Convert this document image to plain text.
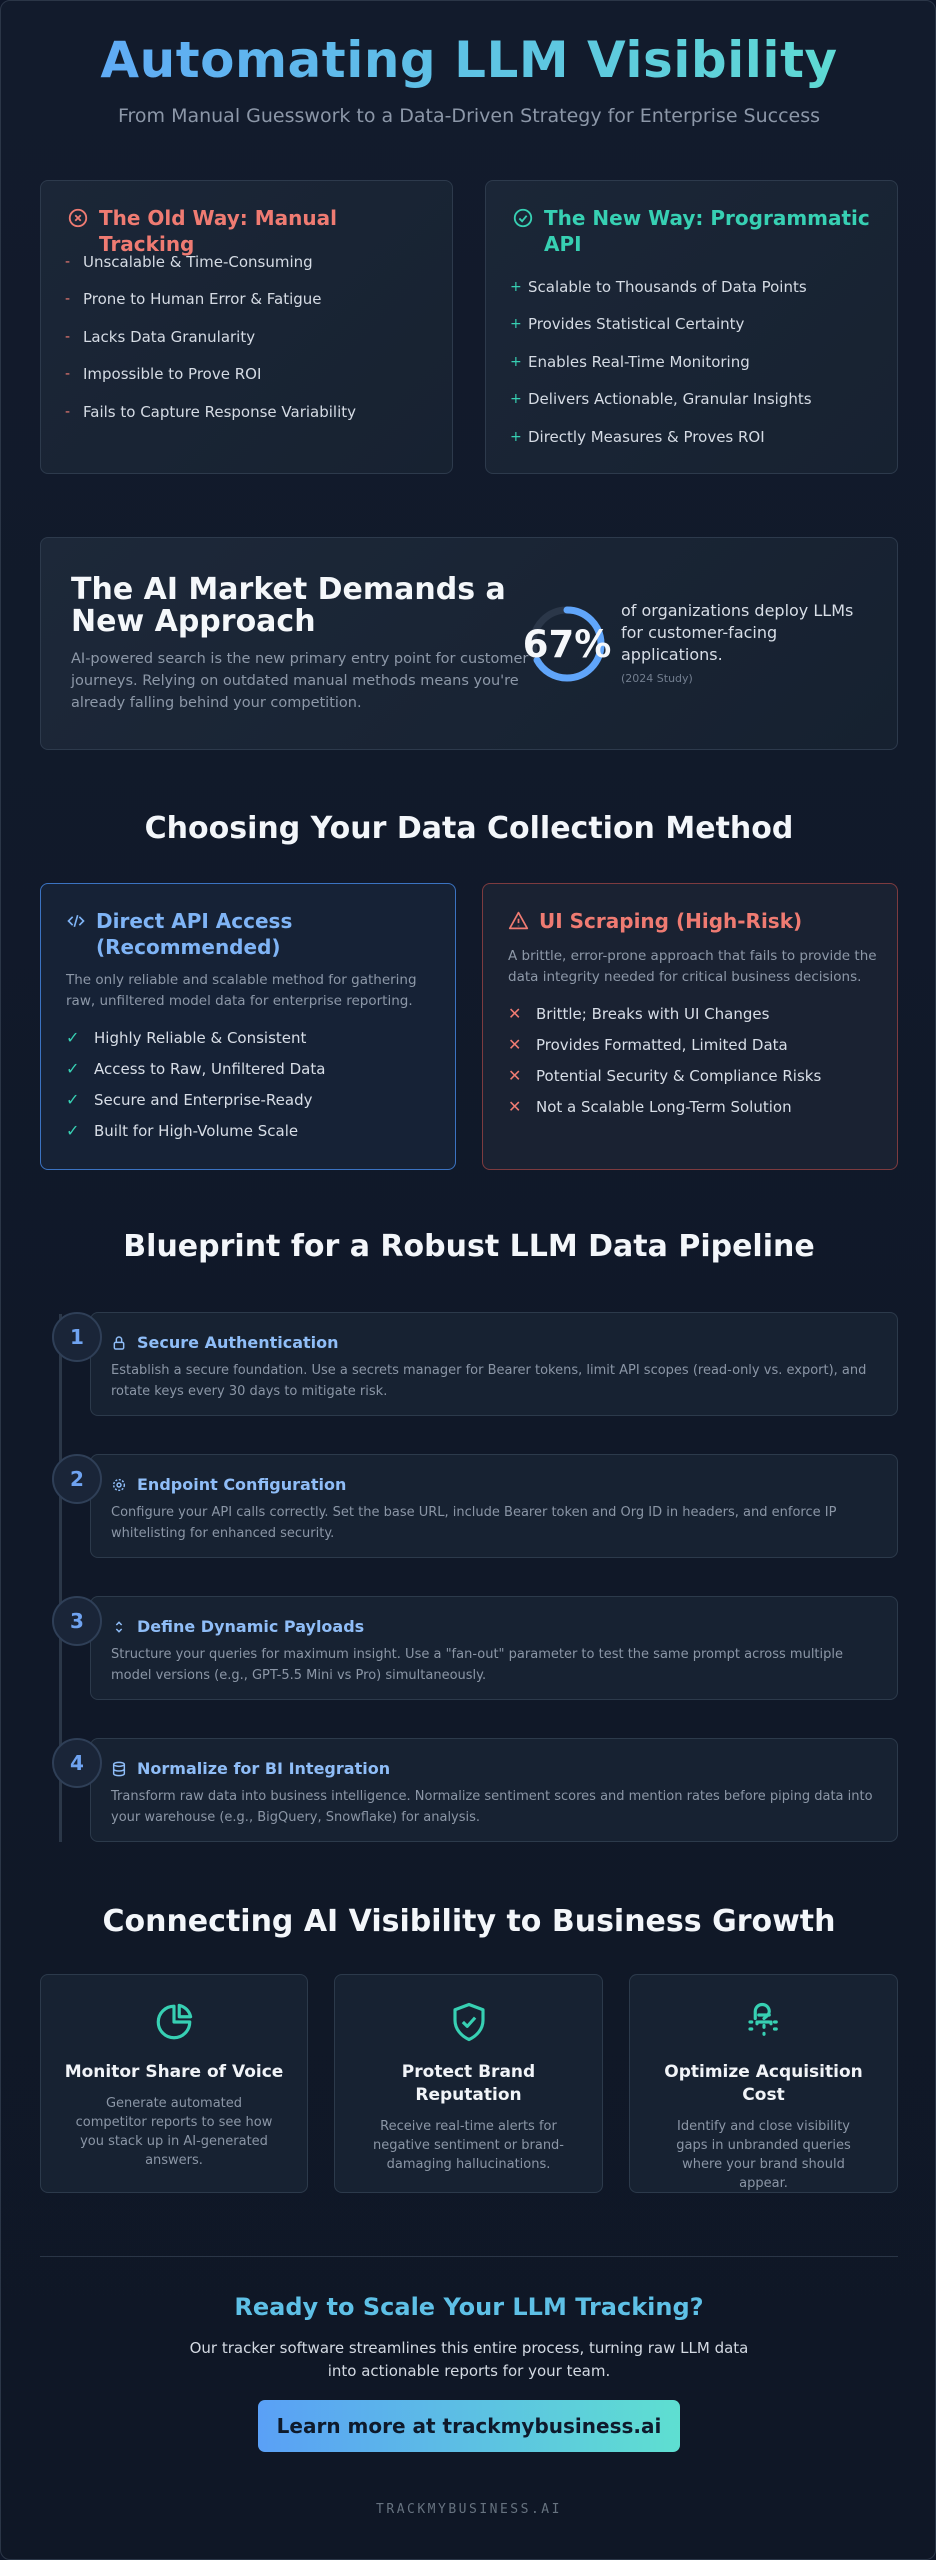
Automating LLM Visibility
From Manual Guesswork to a Data-Driven Strategy for Enterprise Success
The Old Way: Manual Tracking
- Unscalable & Time-Consuming
- Prone to Human Error & Fatigue
- Lacks Data Granularity
- Impossible to Prove ROI
- Fails to Capture Response Variability
The New Way: Programmatic API
+ Scalable to Thousands of Data Points
+ Provides Statistical Certainty
+ Enables Real-Time Monitoring
+ Delivers Actionable, Granular Insights
+ Directly Measures & Proves ROI
The AI Market Demands a New Approach
AI-powered search is the new primary entry point for customer journeys. Relying on outdated manual methods means you're already falling behind your competition.
67%
of organizations deploy LLMs for customer-facing applications.
(2024 Study)
Choosing Your Data Collection Method
Direct API Access (Recommended)
The only reliable and scalable method for gathering raw, unfiltered model data for enterprise reporting.
✓ Highly Reliable & Consistent
✓ Access to Raw, Unfiltered Data
✓ Secure and Enterprise-Ready
✓ Built for High-Volume Scale
UI Scraping (High-Risk)
A brittle, error-prone approach that fails to provide the data integrity needed for critical business decisions.
✕ Brittle; Breaks with UI Changes
✕ Provides Formatted, Limited Data
✕ Potential Security & Compliance Risks
✕ Not a Scalable Long-Term Solution
Blueprint for a Robust LLM Data Pipeline
Secure Authentication
Establish a secure foundation. Use a secrets manager for Bearer tokens, limit API scopes (read-only vs. export), and rotate keys every 30 days to mitigate risk.
1
Endpoint Configuration
Configure your API calls correctly. Set the base URL, include Bearer token and Org ID in headers, and enforce IP whitelisting for enhanced security.
2
Define Dynamic Payloads
Structure your queries for maximum insight. Use a "fan-out" parameter to test the same prompt across multiple model versions (e.g., GPT-5.5 Mini vs Pro) simultaneously.
3
Normalize for BI Integration
Transform raw data into business intelligence. Normalize sentiment scores and mention rates before piping data into your warehouse (e.g., BigQuery, Snowflake) for analysis.
4
Connecting AI Visibility to Business Growth
Monitor Share of Voice
Generate automated competitor reports to see how you stack up in AI-generated answers.
Protect Brand Reputation
Receive real-time alerts for negative sentiment or brand-damaging hallucinations.
Optimize Acquisition Cost
Identify and close visibility gaps in unbranded queries where your brand should appear.
Ready to Scale Your LLM Tracking?
Our tracker software streamlines this entire process, turning raw LLM data into actionable reports for your team.
Learn more at trackmybusiness.ai
TRACKMYBUSINESS.AI
